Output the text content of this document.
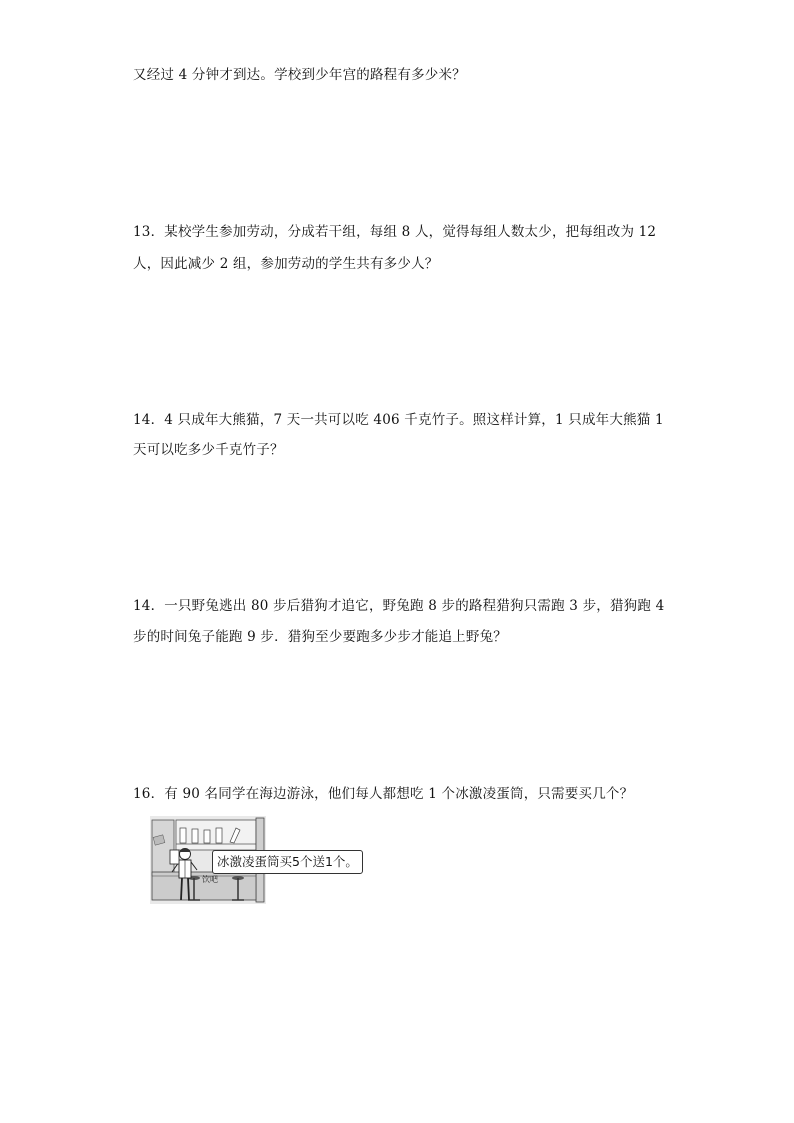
又经过 4 分钟才到达。学校到少年宫的路程有多少米？
13．某校学生参加劳动，分成若干组，每组 8 人，觉得每组人数太少，把每组改为 12
人，因此减少 2 组，参加劳动的学生共有多少人？
14．4 只成年大熊猫，7 天一共可以吃 406 千克竹子。照这样计算，1 只成年大熊猫 1
天可以吃多少千克竹子？
14．一只野兔逃出 80 步后猎狗才追它，野兔跑 8 步的路程猎狗只需跑 3 步，猎狗跑 4
步的时间兔子能跑 9 步．猎狗至少要跑多少步才能追上野兔？
16．有 90 名同学在海边游泳，他们每人都想吃 1 个冰激凌蛋筒，只需要买几个？
饮吧
冰激凌蛋筒买5个送1个。
